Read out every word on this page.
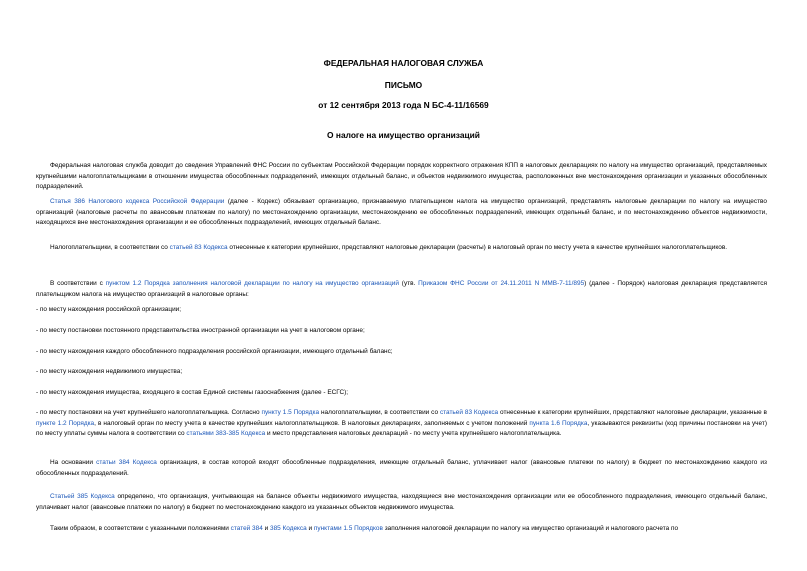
ФЕДЕРАЛЬНАЯ НАЛОГОВАЯ СЛУЖБА
ПИСЬМО
от 12 сентября 2013 года N БС-4-11/16569
О налоге на имущество организаций

Федеральная налоговая служба доводит до сведения Управлений ФНС России по субъектам Российской Федерации порядок корректного отражения КПП в налоговых декларациях по налогу на имущество организаций, представляемых крупнейшими налогоплательщиками в отношении имущества обособленных подразделений, имеющих отдельный баланс, и объектов недвижимого имущества, расположенных вне местонахождения организации и указанных обособленных подразделений.

Статья 386 Налогового кодекса Российской Федерации (далее - Кодекс) обязывает организацию, признаваемую плательщиком налога на имущество организаций, представлять налоговые декларации по налогу на имущество организаций (налоговые расчеты по авансовым платежам по налогу) по местонахождению организации, местонахождению ее обособленных подразделений, имеющих отдельный баланс, и по местонахождению объектов недвижимости, находящихся вне местонахождения организации и ее обособленных подразделений, имеющих отдельный баланс.

Налогоплательщики, в соответствии со статьей 83 Кодекса отнесенные к категории крупнейших, представляют налоговые декларации (расчеты) в налоговый орган по месту учета в качестве крупнейших налогоплательщиков.

В соответствии с пунктом 1.2 Порядка заполнения налоговой декларации по налогу на имущество организаций (утв. Приказом ФНС России от 24.11.2011 N ММВ-7-11/895) (далее - Порядок) налоговая декларация представляется плательщиком налога на имущество организаций в налоговые органы:

- по месту нахождения российской организации;

- по месту постановки постоянного представительства иностранной организации на учет в налоговом органе;

- по месту нахождения каждого обособленного подразделения российской организации, имеющего отдельный баланс;

- по месту нахождения недвижимого имущества;

- по месту нахождения имущества, входящего в состав Единой системы газоснабжения (далее - ЕСГС);

- по месту постановки на учет крупнейшего налогоплательщика. Согласно пункту 1.5 Порядка налогоплательщики, в соответствии со статьей 83 Кодекса отнесенные к категории крупнейших, представляют налоговые декларации, указанные в пункте 1.2 Порядка, в налоговый орган по месту учета в качестве крупнейших налогоплательщиков. В налоговых декларациях, заполняемых с учетом положений пункта 1.6 Порядка, указываются реквизиты (код причины постановки на учет) по месту уплаты суммы налога в соответствии со статьями 383-385 Кодекса и место представления налоговых деклараций - по месту учета крупнейшего налогоплательщика.

На основании статьи 384 Кодекса организация, в состав которой входят обособленные подразделения, имеющие отдельный баланс, уплачивает налог (авансовые платежи по налогу) в бюджет по местонахождению каждого из обособленных подразделений.

Статьей 385 Кодекса определено, что организация, учитывающая на балансе объекты недвижимого имущества, находящиеся вне местонахождения организации или ее обособленного подразделения, имеющего отдельный баланс, уплачивает налог (авансовые платежи по налогу) в бюджет по местонахождению каждого из указанных объектов недвижимого имущества.

Таким образом, в соответствии с указанными положениями статей 384 и 385 Кодекса и пунктами 1.5 Порядков заполнения налоговой декларации по налогу на имущество организаций и налогового расчета по
